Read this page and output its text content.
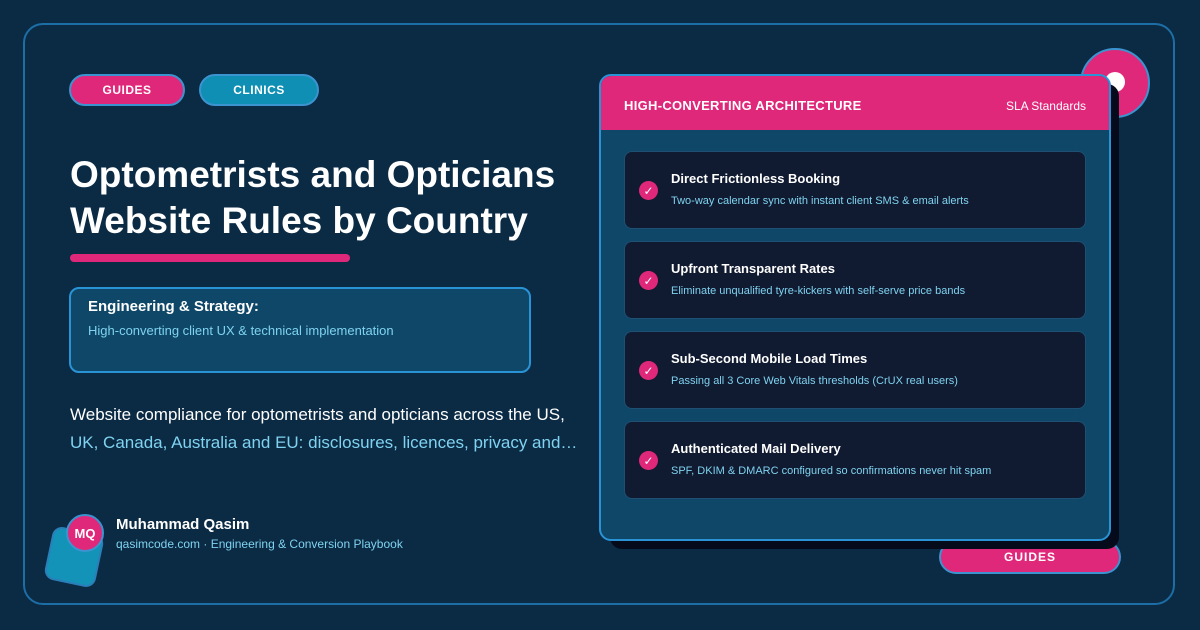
GUIDES	CLINICS
Optometrists and Opticians
Website Rules by Country
Engineering & Strategy:
High-converting client UX & technical implementation

Website compliance for optometrists and opticians across the US,
UK, Canada, Australia and EU: disclosures, licences, privacy and…

MQ Muhammad Qasim
qasimcode.com · Engineering & Conversion Playbook
GUIDES
HIGH-CONVERTING ARCHITECTURE	SLA Standards
✓
Direct Frictionless Booking
Two-way calendar sync with instant client SMS & email alerts
✓
Upfront Transparent Rates
Eliminate unqualified tyre-kickers with self-serve price bands
✓
Sub-Second Mobile Load Times
Passing all 3 Core Web Vitals thresholds (CrUX real users)
✓
Authenticated Mail Delivery
SPF, DKIM & DMARC configured so confirmations never hit spam
